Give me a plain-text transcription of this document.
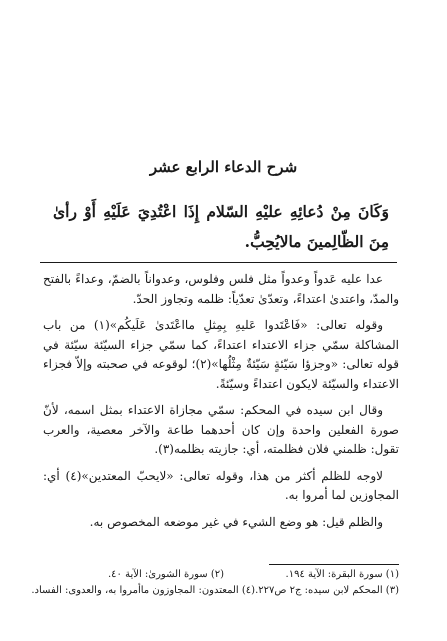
شرح الدعاء الرابع عشر
وَكَانَ مِنْ دُعائِهِ عليْهِ السّلام إِذَا اعْتُدِيَ عَلَيْهِ أَوْ رأىٰ مِنَ الظّالِمينَ مالايُحِبُّ.

عدا عليه عَدواً وعدواً مثل فلس وفلوس، وعدواناً بالضمّ، وعداءً بالفتح والمدّ، واعتدىٰ اعتداءً، وتعدّىٰ تعدّياً: ظلمه وتجاوز الحدّ.

وقوله تعالى: «فَاعْتَدوا عَليهِ بِمِثلِ مااعْتَدىٰ عَلَيكُم»(١) من باب المشاكلة سمّي جزاء الاعتداء اعتداءً، كما سمّي جزاء السيّئة سيّئة في قوله تعالى: «وجزؤا سَيّئةٍ سَيّئةٌ مِثْلُها»(٢)؛ لوقوعه في صحبته وإلاّ فجزاء الاعتداء والسيّئة لايكون اعتداءً وسيّئةً.

وقال ابن سيده في المحكم: سمّي مجازاة الاعتداء بمثل اسمه، لأنّ صورة الفعلين واحدة وإن كان أحدهما طاعة والآخر معصية، والعرب تقول: ظلمني فلان فظلمته، أي: جازيته بظلمه(٣).

لاوجه للظلم أكثر من هذا، وقوله تعالى: «لايحبّ المعتدين»(٤) أي: المجاوزين لما أمروا به.

والظلم قيل: هو وضع الشيء في غير موضعه المخصوص به.

(١) سورة البقرة: الآية ١٩٤.
(٢) سورة الشورىٰ: الآية ٤٠.
(٣) المحكم لابن سيده: ج٢ ص٢٢٧.
(٤) المعتدون: المجاوزون ماأمروا به، والعدوى: الفساد.
